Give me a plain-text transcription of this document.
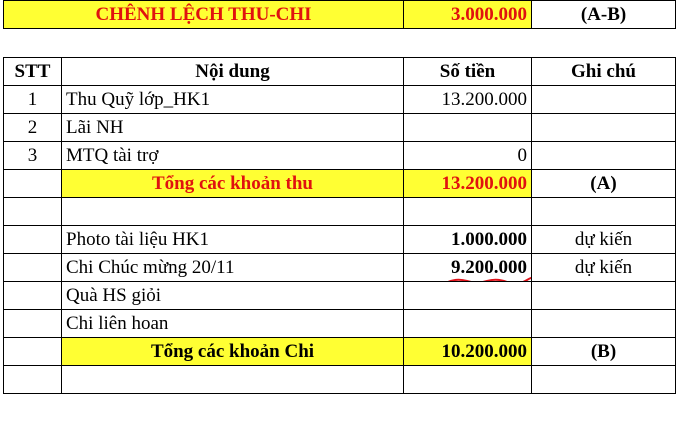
CHÊNH LỆCH THU-CHI	3.000.000	(A-B)
STT	Nội dung	Số tiền	Ghi chú
1	Thu Quỹ lớp_HK1	13.200.000	
2	Lãi NH		
3	MTQ tài trợ	0	
	Tổng các khoản thu	13.200.000	(A)

	Photo tài liệu HK1	1.000.000	dự kiến
	Chi Chúc mừng 20/11	9.200.000	dự kiến
	Quà HS giỏi		
	Chi liên hoan		
	Tổng các khoản Chi	10.200.000	(B)
